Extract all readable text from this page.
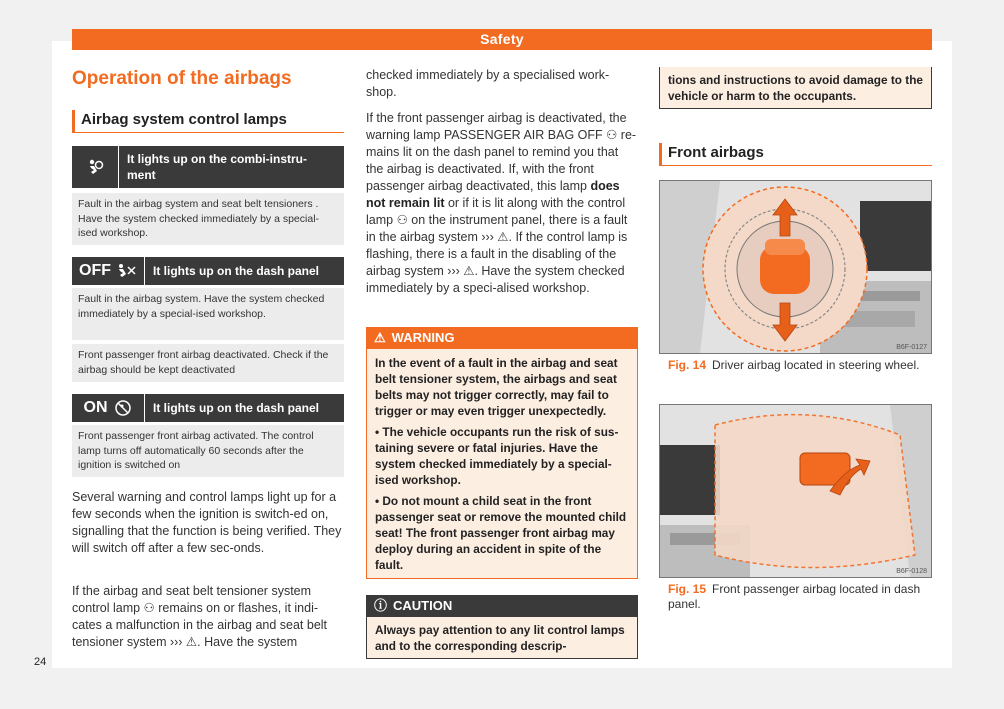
Safety
24
Operation of the airbags
Airbag system control lamps
It lights up on the combi-instru-ment
Fault in the airbag system and seat belt tensioners . Have the system checked immediately by a special-ised workshop.
OFF	It lights up on the dash panel
Fault in the airbag system. Have the system checked immediately by a special-ised workshop.
Front passenger front airbag deactivated. Check if the airbag should be kept deactivated
ON	It lights up on the dash panel
Front passenger front airbag activated. The control lamp turns off automatically 60 seconds after the ignition is switched on

Several warning and control lamps light up for a few seconds when the ignition is switch-ed on, signalling that the function is being verified. They will switch off after a few sec-onds.

If the airbag and seat belt tensioner system control lamp ⚇ remains on or flashes, it indi-cates a malfunction in the airbag and seat belt tensioner system ››› ⚠. Have the system

checked immediately by a specialised work-shop.

If the front passenger airbag is deactivated, the warning lamp PASSENGER AIR BAG OFF ⚇ re-mains lit on the dash panel to remind you that the airbag is deactivated. If, with the front passenger airbag deactivated, this lamp does not remain lit or if it is lit along with the control lamp ⚇ on the instrument panel, there is a fault in the airbag system ››› ⚠. If the control lamp is flashing, there is a fault in the disabling of the airbag system ››› ⚠. Have the system checked immediately by a speci-alised workshop.

⚠ WARNING

In the event of a fault in the airbag and seat belt tensioner system, the airbags and seat belts may not trigger correctly, may fail to trigger or may even trigger unexpectedly.

• The vehicle occupants run the risk of sus-taining severe or fatal injuries. Have the system checked immediately by a special-ised workshop.

• Do not mount a child seat in the front passenger seat or remove the mounted child seat! The front passenger front airbag may deploy during an accident in spite of the fault.

ⓘ CAUTION
Always pay attention to any lit control lamps and to the corresponding descrip-
tions and instructions to avoid damage to the vehicle or harm to the occupants.
Front airbags
B6F-0127
Fig. 14 Driver airbag located in steering wheel.
B6F-0128
Fig. 15 Front passenger airbag located in dash panel.
